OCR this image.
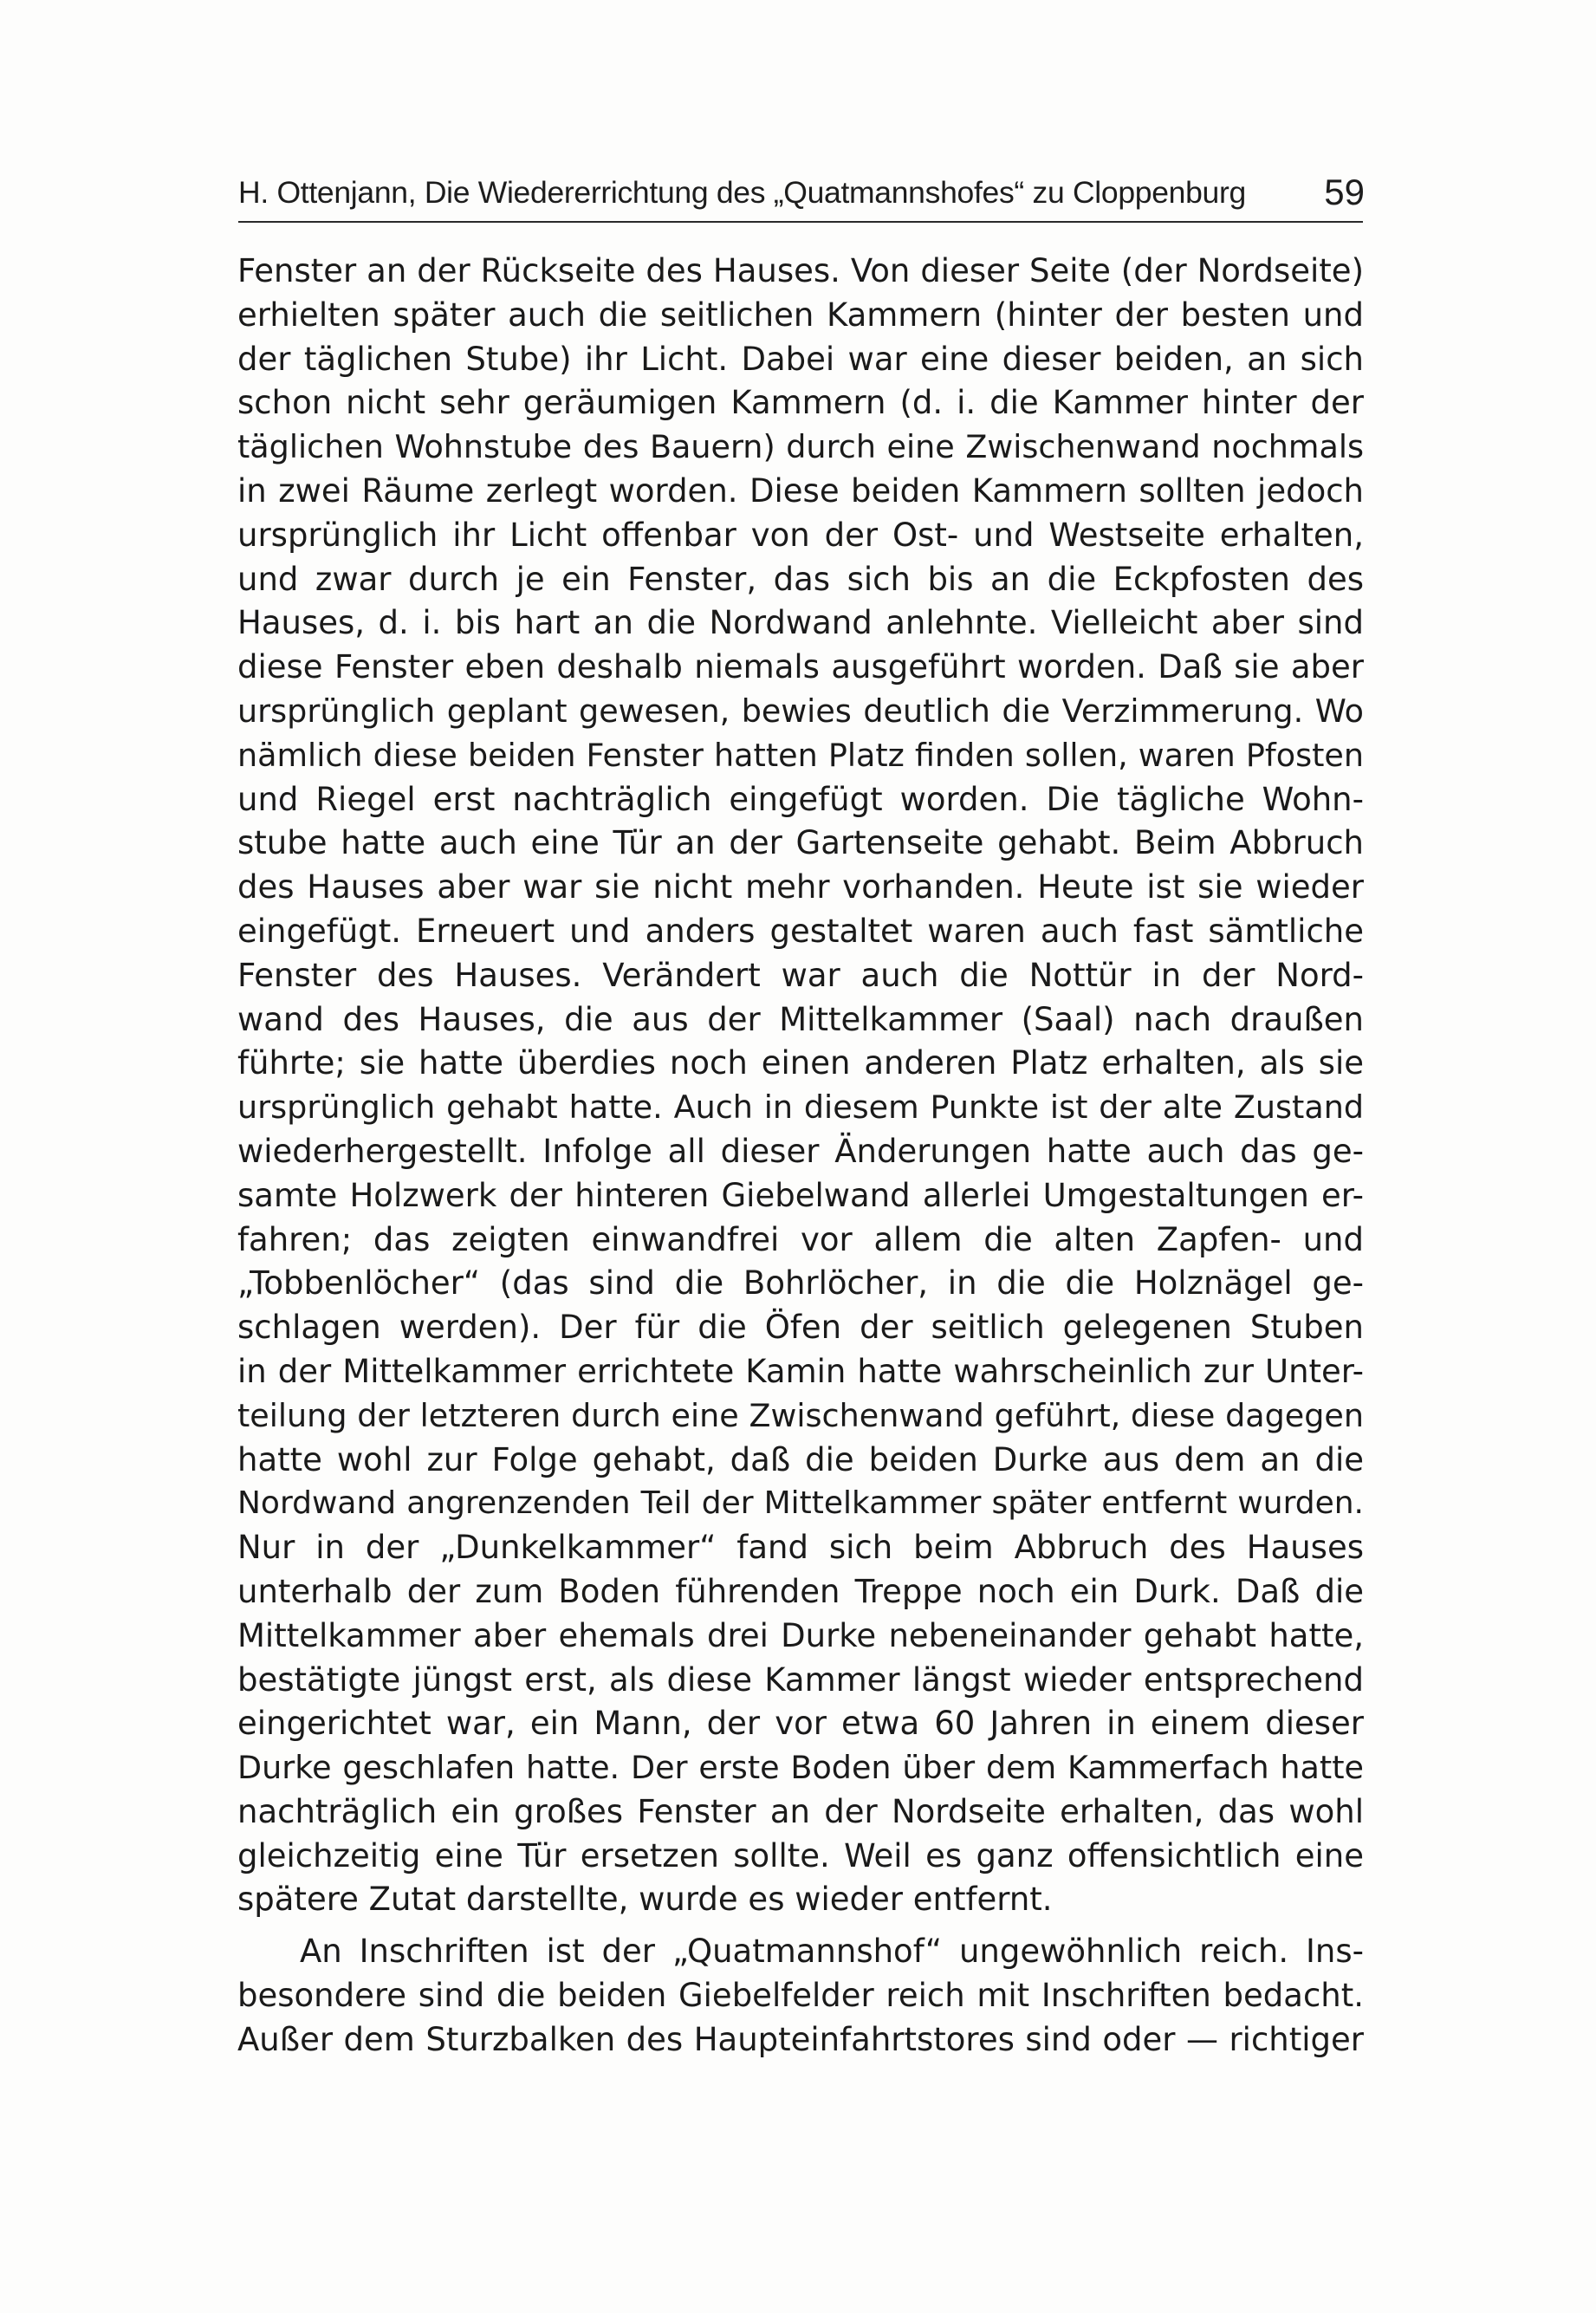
H. Ottenjann, Die Wiedererrichtung des „Quatmannshofes“ zu Cloppenburg 59
Fenster an der Rückseite des Hauses. Von dieser Seite (der Nordseite)
erhielten später auch die seitlichen Kammern (hinter der besten und
der täglichen Stube) ihr Licht. Dabei war eine dieser beiden, an sich
schon nicht sehr geräumigen Kammern (d. i. die Kammer hinter der
täglichen Wohnstube des Bauern) durch eine Zwischenwand nochmals
in zwei Räume zerlegt worden. Diese beiden Kammern sollten jedoch
ursprünglich ihr Licht offenbar von der Ost- und Westseite erhalten,
und zwar durch je ein Fenster, das sich bis an die Eckpfosten des
Hauses, d. i. bis hart an die Nordwand anlehnte. Vielleicht aber sind
diese Fenster eben deshalb niemals ausgeführt worden. Daß sie aber
ursprünglich geplant gewesen, bewies deutlich die Verzimmerung. Wo
nämlich diese beiden Fenster hatten Platz finden sollen, waren Pfosten
und Riegel erst nachträglich eingefügt worden. Die tägliche Wohn-
stube hatte auch eine Tür an der Gartenseite gehabt. Beim Abbruch
des Hauses aber war sie nicht mehr vorhanden. Heute ist sie wieder
eingefügt. Erneuert und anders gestaltet waren auch fast sämtliche
Fenster des Hauses. Verändert war auch die Nottür in der Nord-
wand des Hauses, die aus der Mittelkammer (Saal) nach draußen
führte; sie hatte überdies noch einen anderen Platz erhalten, als sie
ursprünglich gehabt hatte. Auch in diesem Punkte ist der alte Zustand
wiederhergestellt. Infolge all dieser Änderungen hatte auch das ge-
samte Holzwerk der hinteren Giebelwand allerlei Umgestaltungen er-
fahren; das zeigten einwandfrei vor allem die alten Zapfen- und
„Tobbenlöcher“ (das sind die Bohrlöcher, in die die Holznägel ge-
schlagen werden). Der für die Öfen der seitlich gelegenen Stuben
in der Mittelkammer errichtete Kamin hatte wahrscheinlich zur Unter-
teilung der letzteren durch eine Zwischenwand geführt, diese dagegen
hatte wohl zur Folge gehabt, daß die beiden Durke aus dem an die
Nordwand angrenzenden Teil der Mittelkammer später entfernt wurden.
Nur in der „Dunkelkammer“ fand sich beim Abbruch des Hauses
unterhalb der zum Boden führenden Treppe noch ein Durk. Daß die
Mittelkammer aber ehemals drei Durke nebeneinander gehabt hatte,
bestätigte jüngst erst, als diese Kammer längst wieder entsprechend
eingerichtet war, ein Mann, der vor etwa 60 Jahren in einem dieser
Durke geschlafen hatte. Der erste Boden über dem Kammerfach hatte
nachträglich ein großes Fenster an der Nordseite erhalten, das wohl
gleichzeitig eine Tür ersetzen sollte. Weil es ganz offensichtlich eine
spätere Zutat darstellte, wurde es wieder entfernt.
An Inschriften ist der „Quatmannshof“ ungewöhnlich reich. Ins-
besondere sind die beiden Giebelfelder reich mit Inschriften bedacht.
Außer dem Sturzbalken des Haupteinfahrtstores sind oder — richtiger
